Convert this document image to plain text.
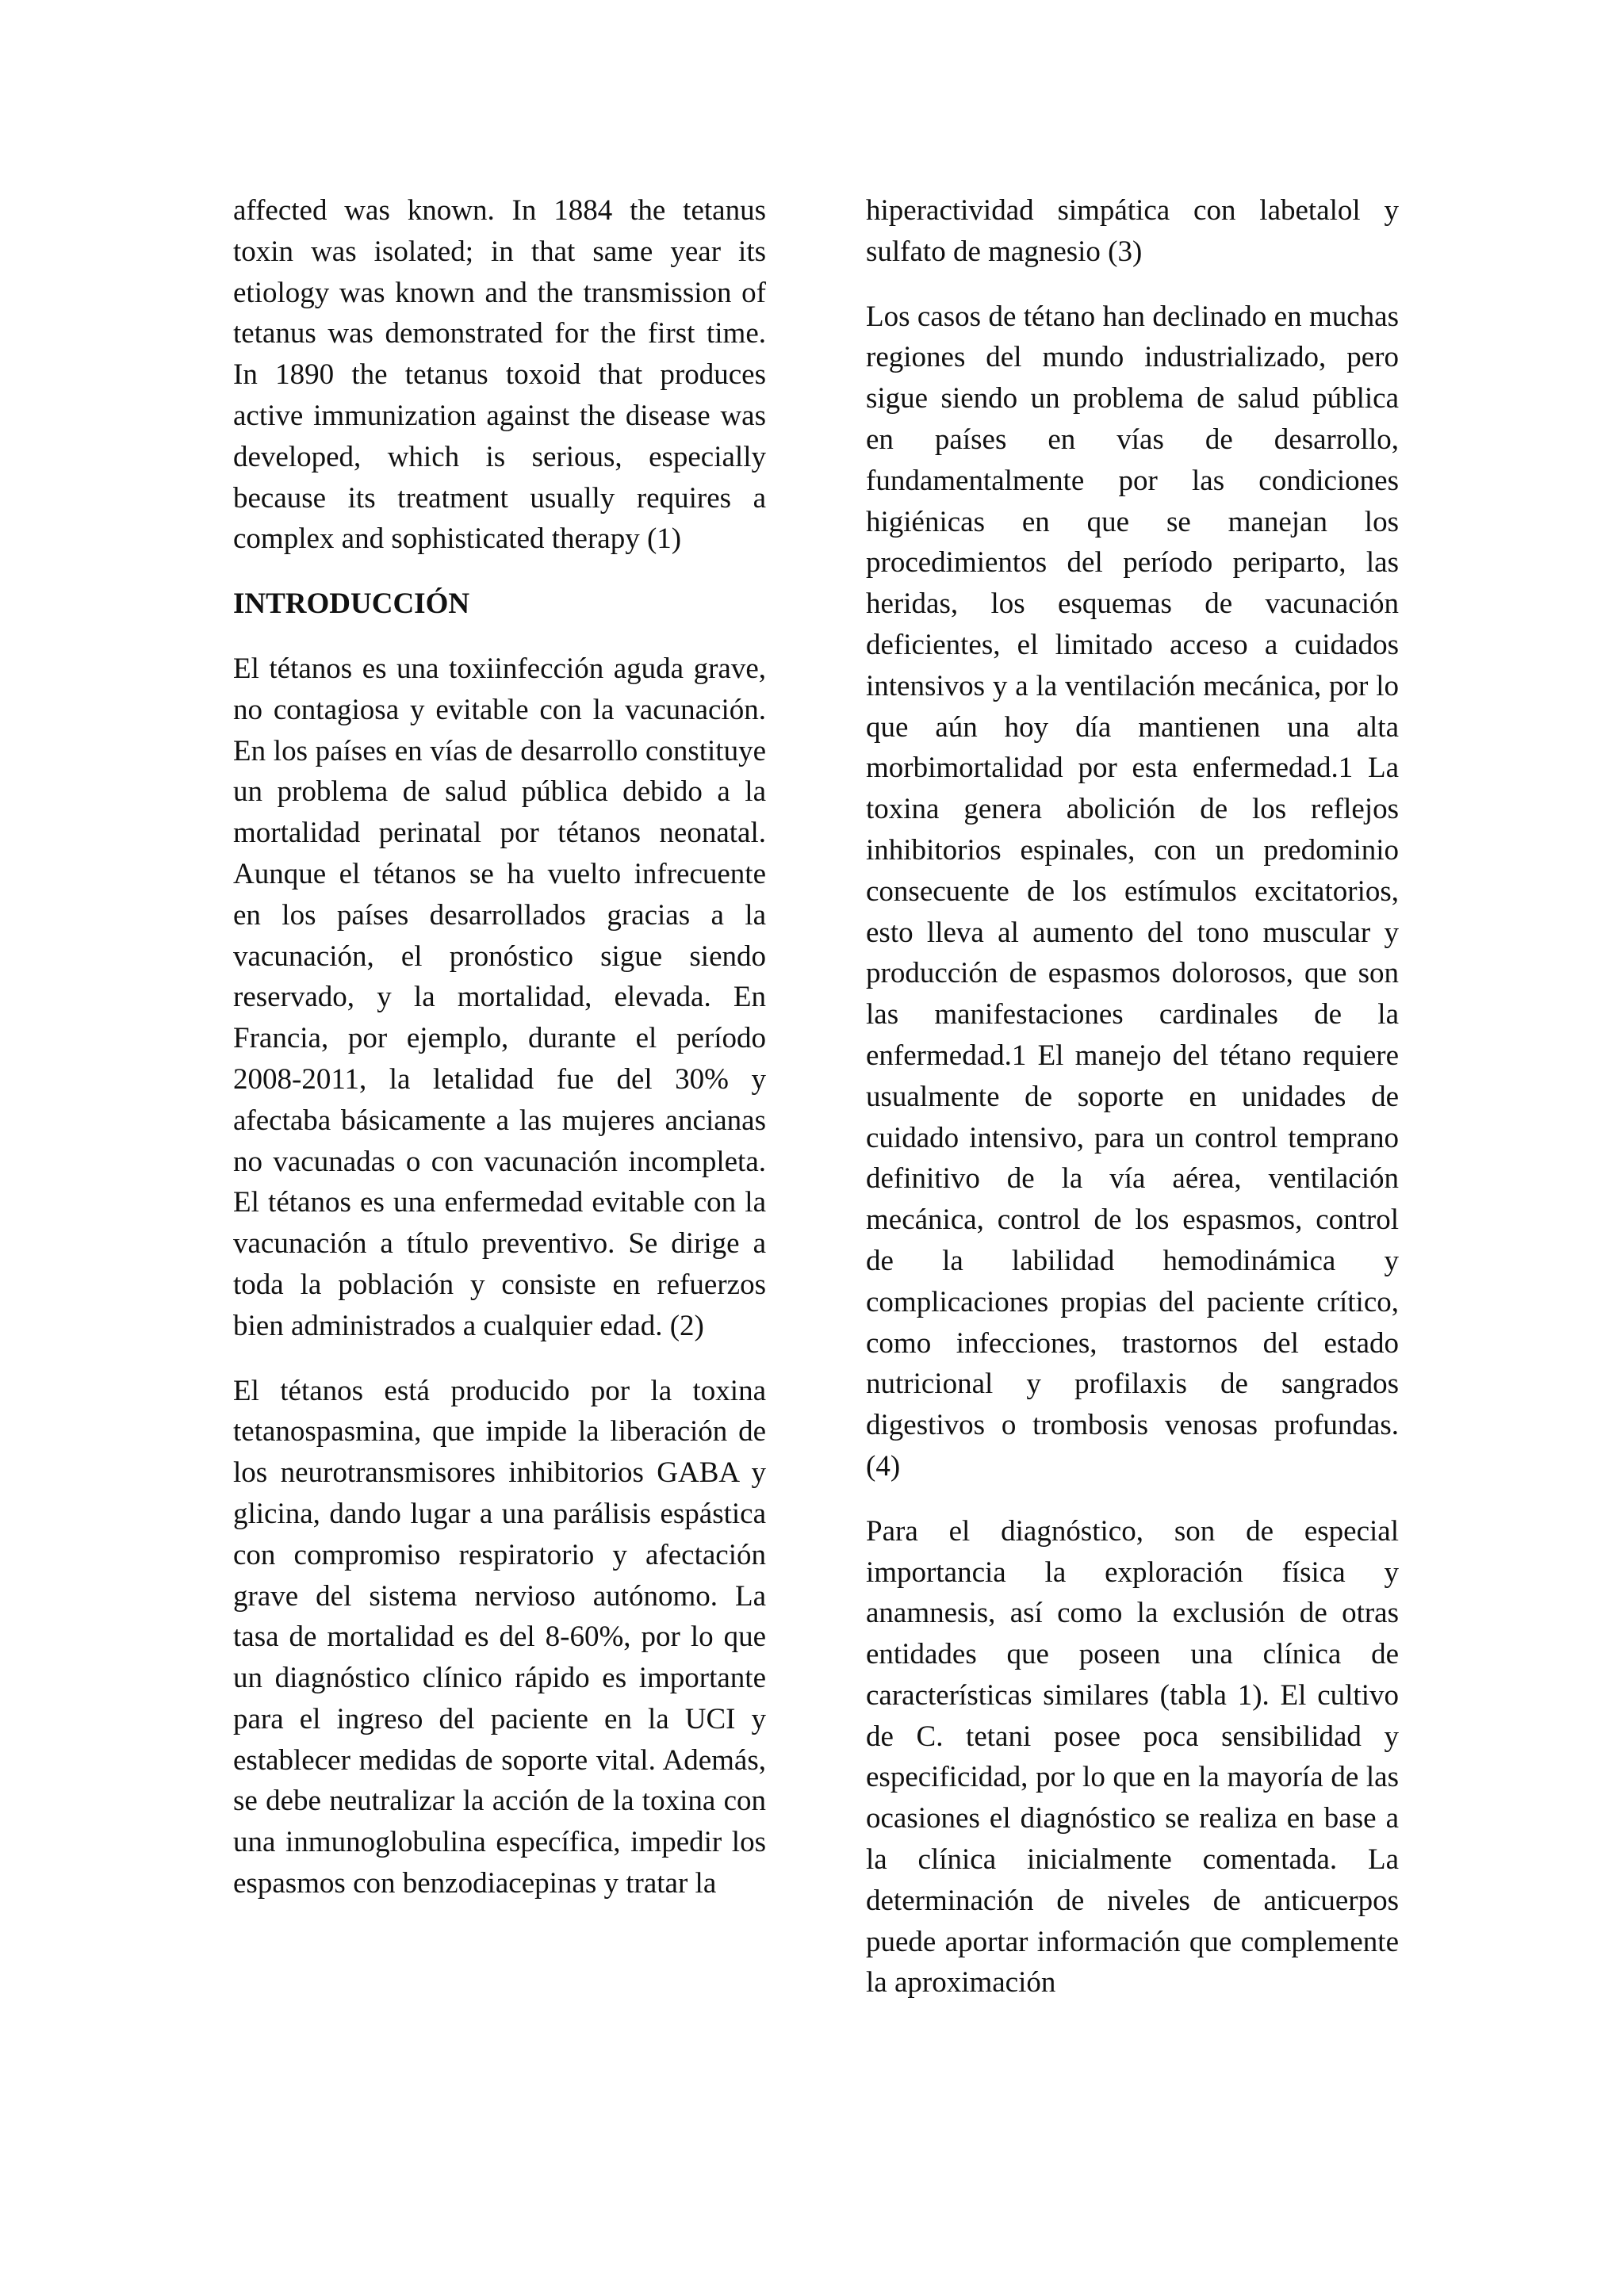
affected was known. In 1884 the tetanus toxin was isolated; in that same year its etiology was known and the transmission of tetanus was demonstrated for the first time. In 1890 the tetanus toxoid that produces active immunization against the disease was developed, which is serious, especially because its treatment usually requires a complex and sophisticated therapy (1)

INTRODUCCIÓN

El tétanos es una toxiinfección aguda grave, no contagiosa y evitable con la vacunación. En los países en vías de desarrollo constituye un problema de salud pública debido a la mortalidad perinatal por tétanos neonatal. Aunque el tétanos se ha vuelto infrecuente en los países desarrollados gracias a la vacunación, el pronóstico sigue siendo reservado, y la mortalidad, elevada. En Francia, por ejemplo, durante el período 2008-2011, la letalidad fue del 30% y afectaba básicamente a las mujeres ancianas no vacunadas o con vacunación incompleta. El tétanos es una enfermedad evitable con la vacunación a título preventivo. Se dirige a toda la población y consiste en refuerzos bien administrados a cualquier edad. (2)

El tétanos está producido por la toxina tetanospasmina, que impide la liberación de los neurotransmisores inhibitorios GABA y glicina, dando lugar a una parálisis espástica con compromiso respiratorio y afectación grave del sistema nervioso autónomo. La tasa de mortalidad es del 8-60%, por lo que un diagnóstico clínico rápido es importante para el ingreso del paciente en la UCI y establecer medidas de soporte vital. Además, se debe neutralizar la acción de la toxina con una inmunoglobulina específica, impedir los espasmos con benzodiacepinas y tratar la

hiperactividad simpática con labetalol y sulfato de magnesio (3)

Los casos de tétano han declinado en muchas regiones del mundo industrializado, pero sigue siendo un problema de salud pública en países en vías de desarrollo, fundamentalmente por las condiciones higiénicas en que se manejan los procedimientos del período periparto, las heridas, los esquemas de vacunación deficientes, el limitado acceso a cuidados intensivos y a la ventilación mecánica, por lo que aún hoy día mantienen una alta morbimortalidad por esta enfermedad.1 La toxina genera abolición de los reflejos inhibitorios espinales, con un predominio consecuente de los estímulos excitatorios, esto lleva al aumento del tono muscular y producción de espasmos dolorosos, que son las manifestaciones cardinales de la enfermedad.1 El manejo del tétano requiere usualmente de soporte en unidades de cuidado intensivo, para un control temprano definitivo de la vía aérea, ventilación mecánica, control de los espasmos, control de la labilidad hemodinámica y complicaciones propias del paciente crítico, como infecciones, trastornos del estado nutricional y profilaxis de sangrados digestivos o trombosis venosas profundas. (4)

Para el diagnóstico, son de especial importancia la exploración física y anamnesis, así como la exclusión de otras entidades que poseen una clínica de características similares (tabla 1). El cultivo de C. tetani posee poca sensibilidad y especificidad, por lo que en la mayoría de las ocasiones el diagnóstico se realiza en base a la clínica inicialmente comentada. La determinación de niveles de anticuerpos puede aportar información que complemente la aproximación
